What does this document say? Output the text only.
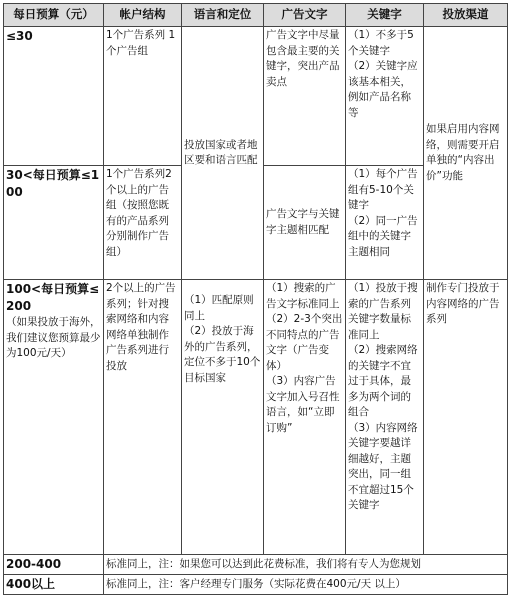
每日预算（元）	帐户结构	语言和定位	广告文字	关键字	投放渠道
≤30	1个广告系列 1个广告组	投放国家或者地区要和语言匹配	广告文字中尽量包含最主要的关键字，突出产品卖点	（1）不多于5个关键字
（2）关键字应该基本相关，例如产品名称等	如果启用内容网络，则需要开启单独的“内容出价”功能
30<每日预算≤100	1个广告系列2个以上的广告组（按照您既有的产品系列分别制作广告组）		广告文字与关键字主题相匹配	（1）每个广告组有5-10个关键字
（2）同一广告组中的关键字主题相同	

100<每日预算≤200
（如果投放于海外，我们建议您预算最少为100元/天）	2个以上的广告系列；针对搜索网络和内容网络单独制作广告系列进行投放	（1）匹配原则同上
（2）投放于海外的广告系列，定位不多于10个目标国家	（1）搜索的广告文字标准同上
（2）2-3个突出不同特点的广告文字（广告变体）
（3）内容广告文字加入号召性语言，如“立即订购”	（1）投放于搜索的广告系列关键字数量标准同上
（2）搜索网络的关键字不宜过于具体，最多为两个词的组合
（3）内容网络关键字要越详细越好，主题突出，同一组不宜超过15个关键字	制作专门投放于内容网络的广告系列
200-400	标准同上，注：如果您可以达到此花费标准，我们将有专人为您规划				
400以上	标准同上，注：客户经理专门服务（实际花费在400元/天 以上）				
